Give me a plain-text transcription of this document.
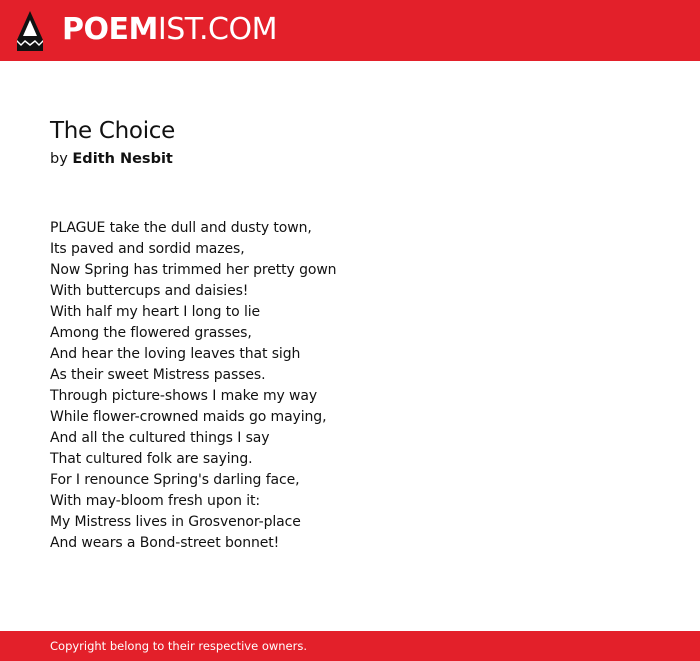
POEMIST.COM
The Choice
by Edith Nesbit
PLAGUE take the dull and dusty town,
Its paved and sordid mazes,
Now Spring has trimmed her pretty gown
With buttercups and daisies!
With half my heart I long to lie
Among the flowered grasses,
And hear the loving leaves that sigh
As their sweet Mistress passes.
Through picture-shows I make my way
While flower-crowned maids go maying,
And all the cultured things I say
That cultured folk are saying.
For I renounce Spring's darling face,
With may-bloom fresh upon it:
My Mistress lives in Grosvenor-place
And wears a Bond-street bonnet!
Copyright belong to their respective owners.
